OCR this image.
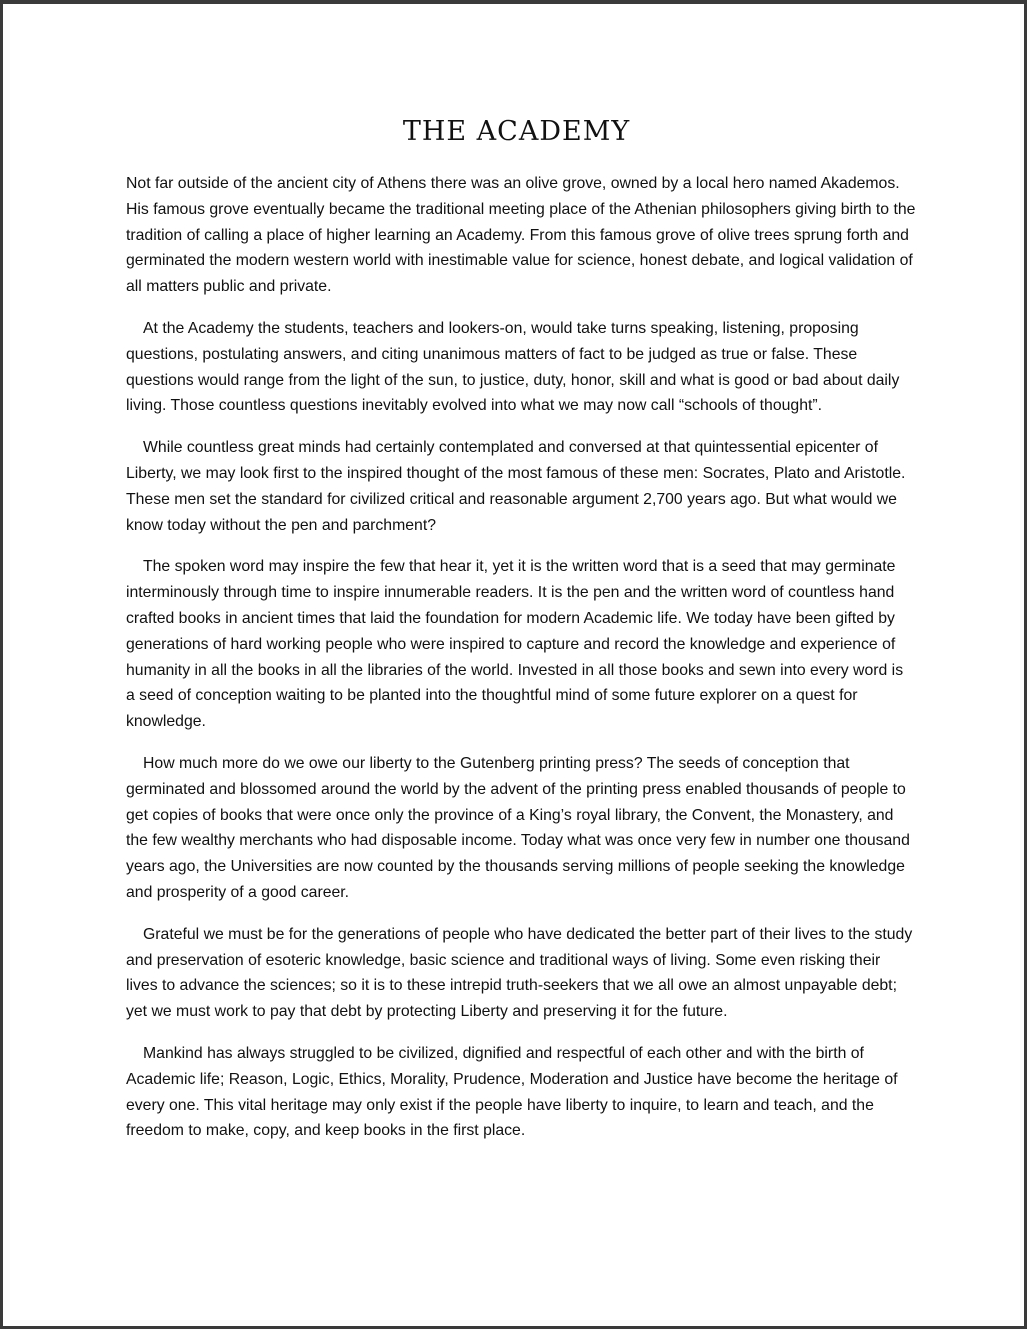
THE ACADEMY

Not far outside of the ancient city of Athens there was an olive grove, owned by a local hero named Akademos. His famous grove eventually became the traditional meeting place of the Athenian philosophers giving birth to the tradition of calling a place of higher learning an Academy. From this famous grove of olive trees sprung forth and germinated the modern western world with inestimable value for science, honest debate, and logical validation of all matters public and private.

At the Academy the students, teachers and lookers-on, would take turns speaking, listening, proposing questions, postulating answers, and citing unanimous matters of fact to be judged as true or false. These questions would range from the light of the sun, to justice, duty, honor, skill and what is good or bad about daily living. Those countless questions inevitably evolved into what we may now call “schools of thought”.

While countless great minds had certainly contemplated and conversed at that quintessential epicenter of Liberty, we may look first to the inspired thought of the most famous of these men: Socrates, Plato and Aristotle. These men set the standard for civilized critical and reasonable argument 2,700 years ago. But what would we know today without the pen and parchment?

The spoken word may inspire the few that hear it, yet it is the written word that is a seed that may germinate interminously through time to inspire innumerable readers. It is the pen and the written word of countless hand crafted books in ancient times that laid the foundation for modern Academic life. We today have been gifted by generations of hard working people who were inspired to capture and record the knowledge and experience of humanity in all the books in all the libraries of the world. Invested in all those books and sewn into every word is a seed of conception waiting to be planted into the thoughtful mind of some future explorer on a quest for knowledge.

How much more do we owe our liberty to the Gutenberg printing press? The seeds of conception that germinated and blossomed around the world by the advent of the printing press enabled thousands of people to get copies of books that were once only the province of a King’s royal library, the Convent, the Monastery, and the few wealthy merchants who had disposable income. Today what was once very few in number one thousand years ago, the Universities are now counted by the thousands serving millions of people seeking the knowledge and prosperity of a good career.

Grateful we must be for the generations of people who have dedicated the better part of their lives to the study and preservation of esoteric knowledge, basic science and traditional ways of living. Some even risking their lives to advance the sciences; so it is to these intrepid truth-seekers that we all owe an almost unpayable debt; yet we must work to pay that debt by protecting Liberty and preserving it for the future.

Mankind has always struggled to be civilized, dignified and respectful of each other and with the birth of Academic life; Reason, Logic, Ethics, Morality, Prudence, Moderation and Justice have become the heritage of every one. This vital heritage may only exist if the people have liberty to inquire, to learn and teach, and the freedom to make, copy, and keep books in the first place.
